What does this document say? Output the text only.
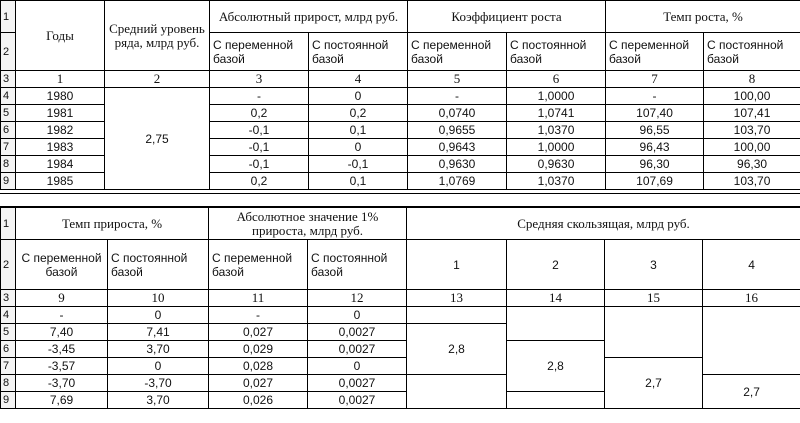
1	Годы	Средний уровень ряда, млрд руб.	Абсолютный прирост, млрд руб.		Коэффициент роста		Темп роста, %	
2			С переменной базой	С постоянной базой	С переменной базой	С постоянной базой	С переменной базой	С постоянной базой
3	1	2	3	4	5	6	7	8
4	1980	2,75	-	0	-	1,0000	-	100,00
5	1981		0,2	0,2	0,0740	1,0741	107,40	107,41
6	1982		-0,1	0,1	0,9655	1,0370	96,55	103,70
7	1983		-0,1	0	0,9643	1,0000	96,43	100,00
8	1984		-0,1	-0,1	0,9630	0,9630	96,30	96,30
9	1985		0,2	0,1	1,0769	1,0370	107,69	103,70
1	Темп прироста, %		Абсолютное значение 1% прироста, млрд руб.		Средняя скользящая, млрд руб.			
2	С переменной базой	С постоянной базой	С переменной базой	С постоянной базой	1	2	3	4
3	9	10	11	12	13	14	15	16
4	-	0	-	0				
5	7,40	7,41	0,027	0,0027	2,8			
6	-3,45	3,70	0,029	0,0027		2,8		
7	-3,57	0	0,028	0			2,7	
8	-3,70	-3,70	0,027	0,0027				2,7
9	7,69	3,70	0,026	0,0027				
